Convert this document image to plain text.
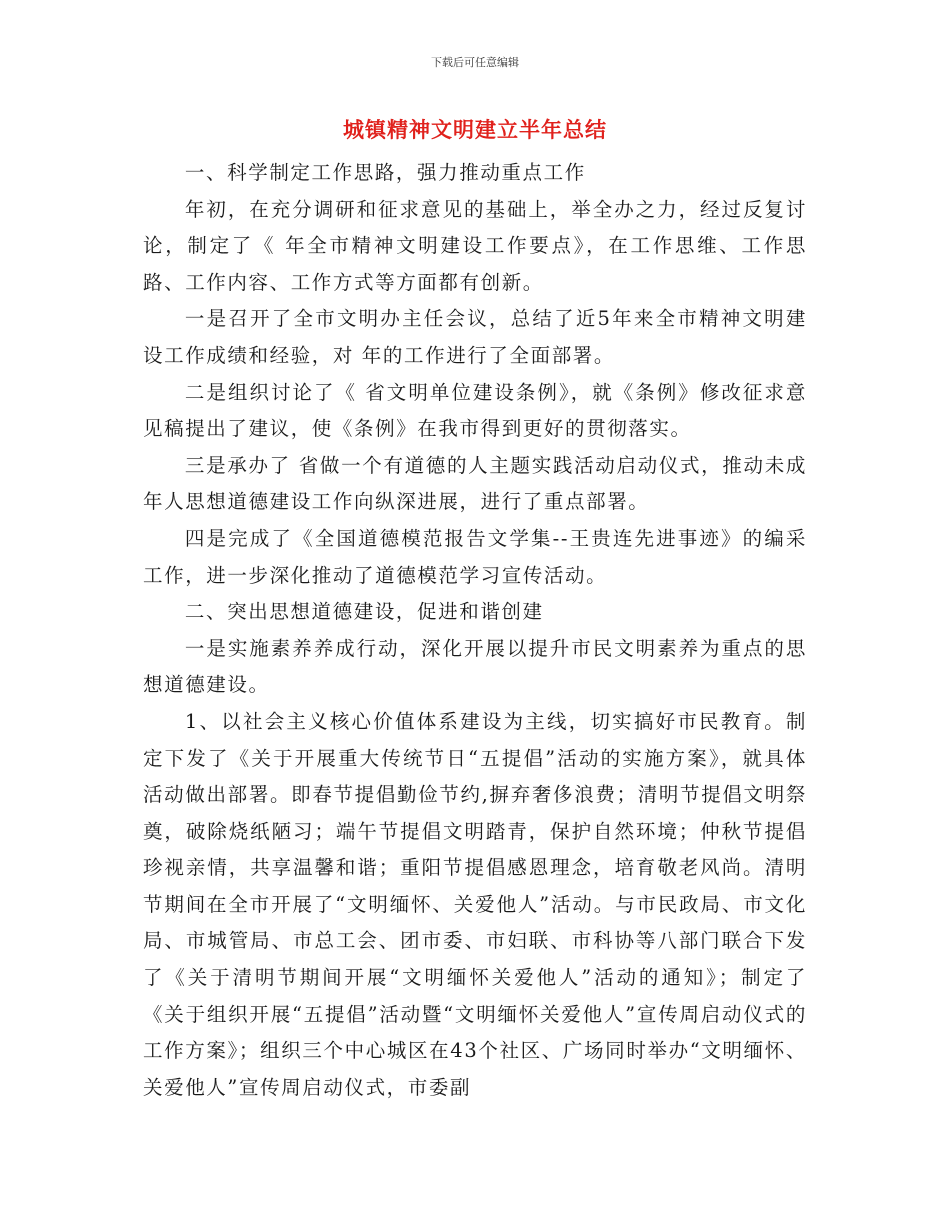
下载后可任意编辑
城镇精神文明建立半年总结

一、科学制定工作思路，强力推动重点工作

年初，在充分调研和征求意见的基础上，举全办之力，经过反复讨论，制定了《 年全市精神文明建设工作要点》，在工作思维、工作思路、工作内容、工作方式等方面都有创新。

一是召开了全市文明办主任会议，总结了近5年来全市精神文明建设工作成绩和经验，对 年的工作进行了全面部署。

二是组织讨论了《 省文明单位建设条例》，就《条例》修改征求意见稿提出了建议，使《条例》在我市得到更好的贯彻落实。

三是承办了 省做一个有道德的人主题实践活动启动仪式，推动未成年人思想道德建设工作向纵深进展，进行了重点部署。

四是完成了《全国道德模范报告文学集--王贵连先进事迹》的编采工作，进一步深化推动了道德模范学习宣传活动。

二、突出思想道德建设，促进和谐创建

一是实施素养养成行动，深化开展以提升市民文明素养为重点的思想道德建设。

1、以社会主义核心价值体系建设为主线，切实搞好市民教育。制定下发了《关于开展重大传统节日“五提倡”活动的实施方案》，就具体活动做出部署。即春节提倡勤俭节约,摒弃奢侈浪费；清明节提倡文明祭奠，破除烧纸陋习；端午节提倡文明踏青，保护自然环境；仲秋节提倡珍视亲情，共享温馨和谐；重阳节提倡感恩理念，培育敬老风尚。清明节期间在全市开展了“文明缅怀、关爱他人”活动。与市民政局、市文化局、市城管局、市总工会、团市委、市妇联、市科协等八部门联合下发了《关于清明节期间开展“文明缅怀关爱他人”活动的通知》；制定了《关于组织开展“五提倡”活动暨“文明缅怀关爱他人”宣传周启动仪式的工作方案》；组织三个中心城区在43个社区、广场同时举办“文明缅怀、关爱他人”宣传周启动仪式，市委副
